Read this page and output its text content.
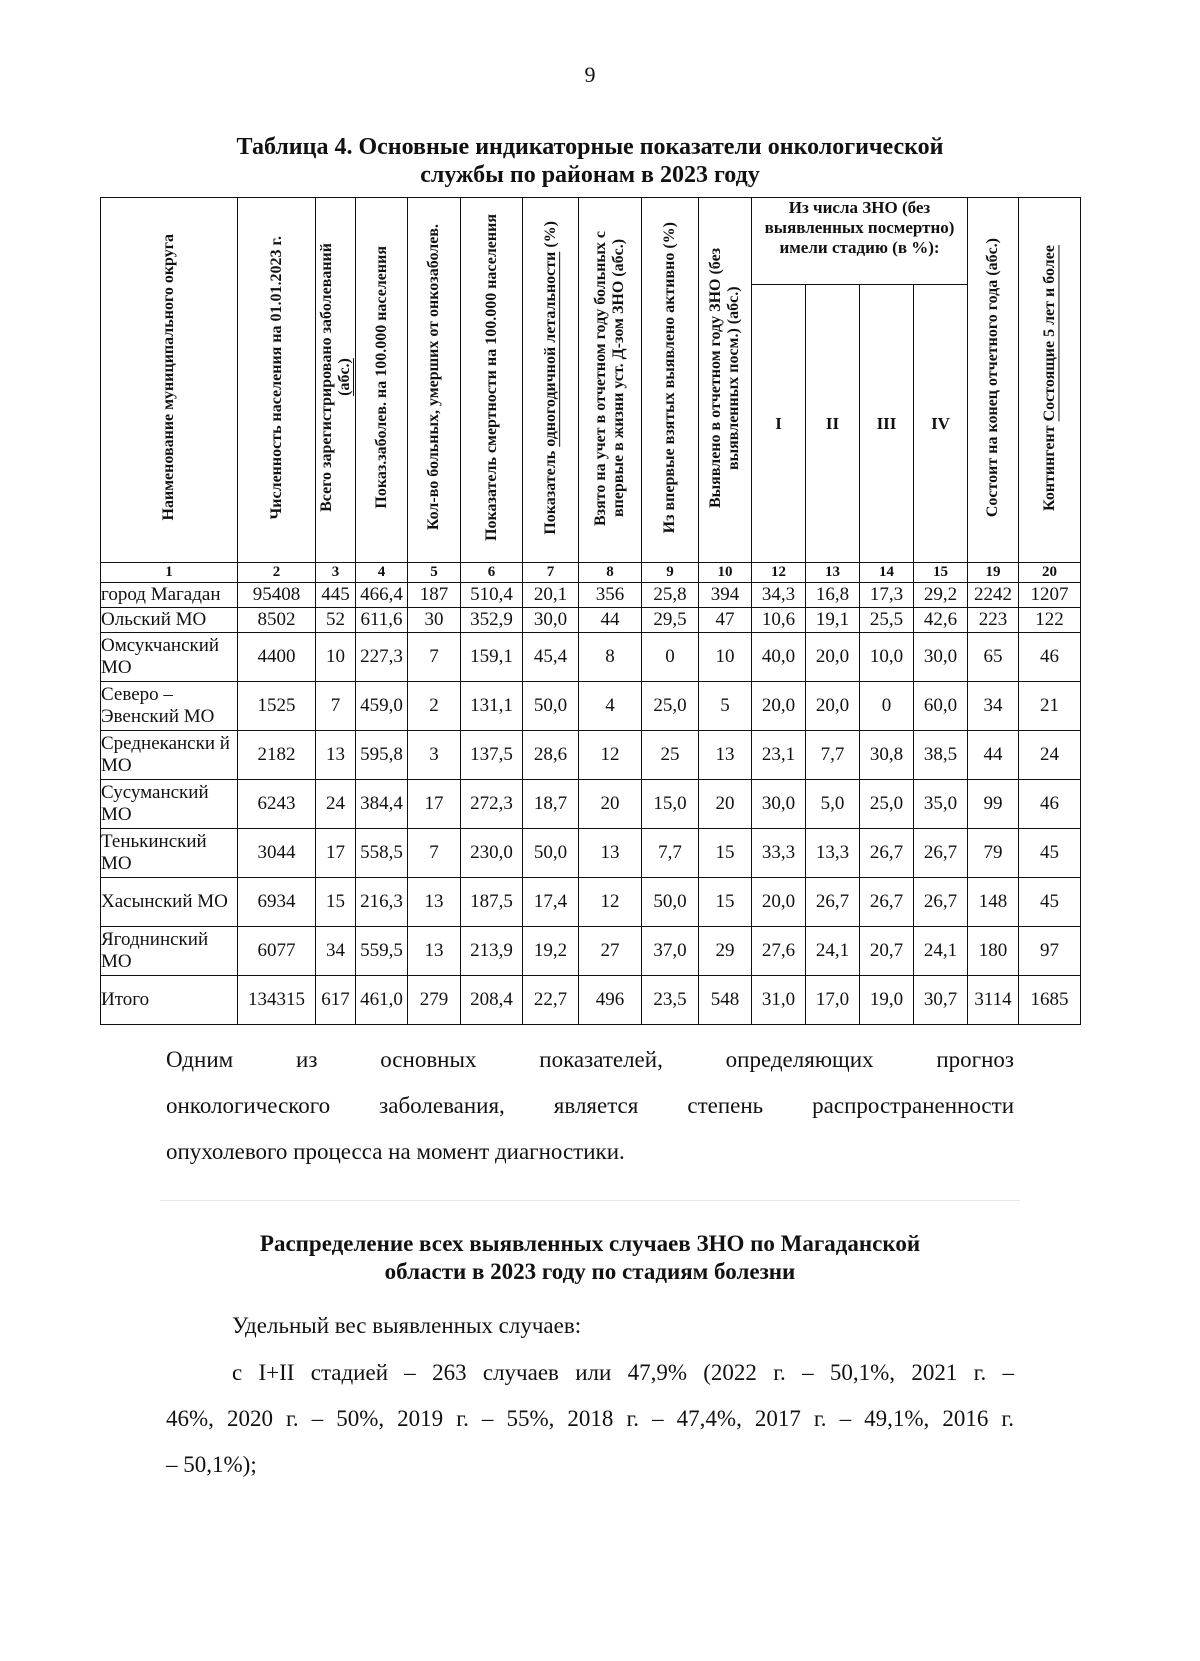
9
Таблица 4. Основные индикаторные показатели онкологической
службы по районам в 2023 году
Наименование муниципального округа	Численность населения на 01.01.2023 г.	Всего зарегистрировано заболеваний
(абс.)	Показ.заболев. на 100.000 населения	Кол-во больных, умерших от онкозаболев.	Показатель смертности на 100.000 населения	Показатель одногодичной летальности (%)	Взято на учет в отчетном году больных с впервые в жизни уст. Д-зом ЗНО (абс.)	Из впервые взятых выявлено активно (%)	Выявлено в отчетном году ЗНО (без выявленных посм.) (абс.)	Из числа ЗНО (без выявленных посмертно) имели стадию (в %):				Состоит на конец отчетного года (абс.)	Контингент Состоящие 5 лет и более
										I	II	III	IV		
1	2	3	4	5	6	7	8	9	10	12	13	14	15	19	20
город Магадан	95408	445	466,4	187	510,4	20,1	356	25,8	394	34,3	16,8	17,3	29,2	2242	1207
Ольский МО	8502	52	611,6	30	352,9	30,0	44	29,5	47	10,6	19,1	25,5	42,6	223	122
Омсукчанский МО	4400	10	227,3	7	159,1	45,4	8	0	10	40,0	20,0	10,0	30,0	65	46
Северо – Эвенский МО	1525	7	459,0	2	131,1	50,0	4	25,0	5	20,0	20,0	0	60,0	34	21
Среднекански й МО	2182	13	595,8	3	137,5	28,6	12	25	13	23,1	7,7	30,8	38,5	44	24
Сусуманский МО	6243	24	384,4	17	272,3	18,7	20	15,0	20	30,0	5,0	25,0	35,0	99	46
Тенькинский МО	3044	17	558,5	7	230,0	50,0	13	7,7	15	33,3	13,3	26,7	26,7	79	45
Хасынский МО	6934	15	216,3	13	187,5	17,4	12	50,0	15	20,0	26,7	26,7	26,7	148	45
Ягоднинский МО	6077	34	559,5	13	213,9	19,2	27	37,0	29	27,6	24,1	20,7	24,1	180	97
Итого	134315	617	461,0	279	208,4	22,7	496	23,5	548	31,0	17,0	19,0	30,7	3114	1685
Одним из основных показателей, определяющих прогноз
онкологического заболевания, является степень распространенности
опухолевого процесса на момент диагностики.
Распределение всех выявленных случаев ЗНО по Магаданской
области в 2023 году по стадиям болезни
Удельный вес выявленных случаев:
с I+II стадией – 263 случаев или 47,9% (2022 г. – 50,1%, 2021 г. –
46%, 2020 г. – 50%, 2019 г. – 55%, 2018 г. – 47,4%, 2017 г. – 49,1%, 2016 г.
– 50,1%);
